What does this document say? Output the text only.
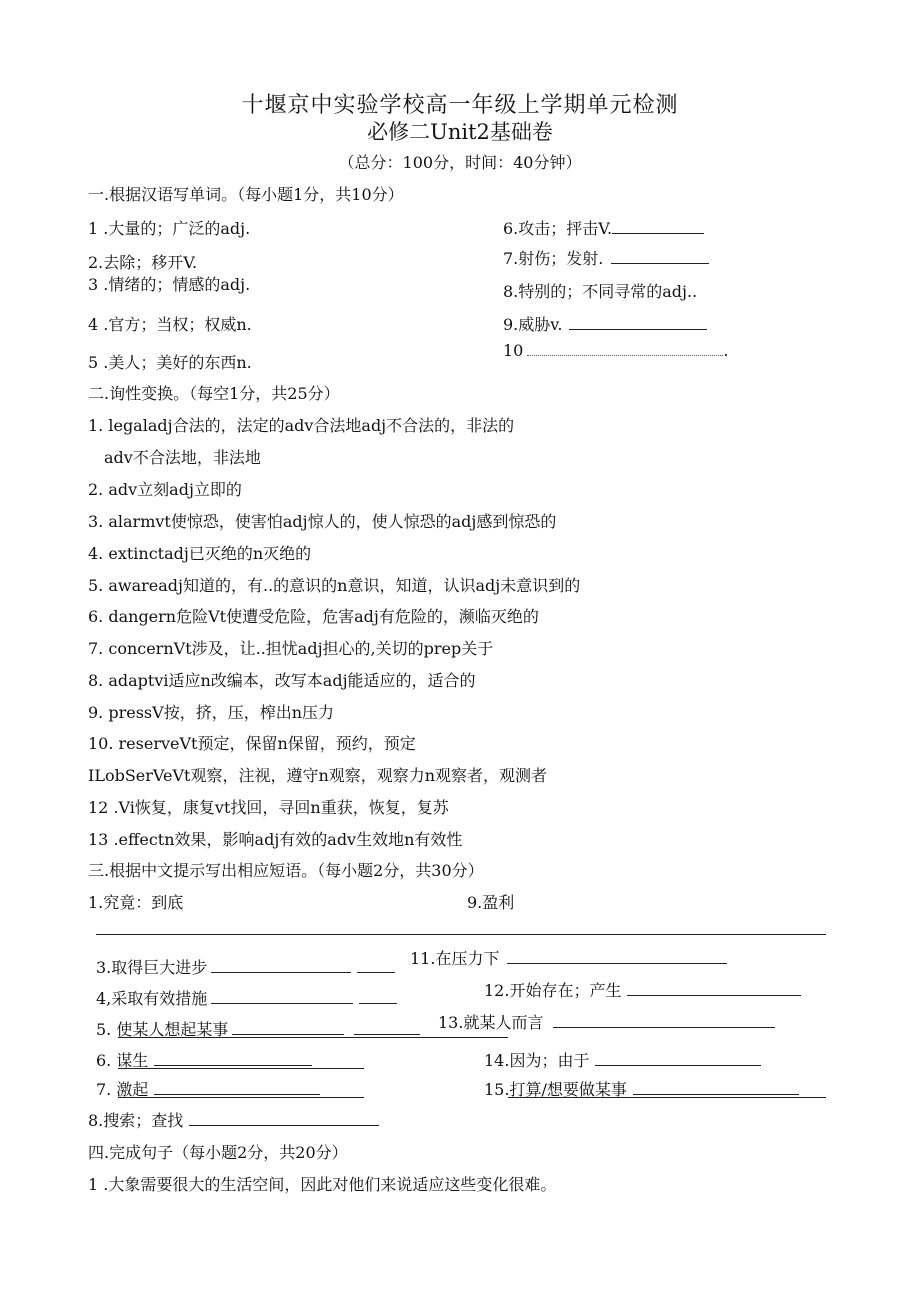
十堰京中实验学校高一年级上学期单元检测
必修二Unit2基础卷
（总分：100分，时间：40分钟）
一.根据汉语写单词。（每小题1分，共10分）
1 .大量的；广泛的adj.
2.去除；移开V.
3 .情绪的；情感的adj.
4 .官方；当权；权威n.
5 .美人；美好的东西n.
6.攻击；抨击V.
7.射伤；发射.
8.特别的；不同寻常的adj..
9.威胁v.
10	.
二.询性变换。（每空1分，共25分）
1. legaladj合法的，法定的adv合法地adj不合法的，非法的
adv不合法地，非法地
2. adv立刻adj立即的
3. alarmvt使惊恐，使害怕adj惊人的，使人惊恐的adj感到惊恐的
4. extinctadj已灭绝的n灭绝的
5. awareadj知道的，有..的意识的n意识，知道，认识adj未意识到的
6. dangern危险Vt使遭受危险，危害adj有危险的，濒临灭绝的
7. concernVt涉及，让..担忧adj担心的,关切的prep关于
8. adaptvi适应n改编本，改写本adj能适应的，适合的
9. pressV按，挤，压，榨出n压力
10. reserveVt预定，保留n保留，预约，预定
ILobSerVeVt观察，注视，遵守n观察，观察力n观察者，观测者
12 .Vi恢复，康复vt找回，寻回n重获，恢复，复苏
13 .effectn效果，影响adj有效的adv生效地n有效性
三.根据中文提示写出相应短语。（每小题2分，共30分）
1.究竟：到底	9.盈利
3.取得巨大进步	11.在压力下
4,采取有效措施	12.开始存在；产生
5. 使某人想起某事	13.就某人而言
6. 谋生	14.因为；由于
7. 激起	15.打算/想要做某事
8.搜索；查找
四.完成句子（每小题2分，共20分）
1 .大象需要很大的生活空间，因此对他们来说适应这些变化很难。
